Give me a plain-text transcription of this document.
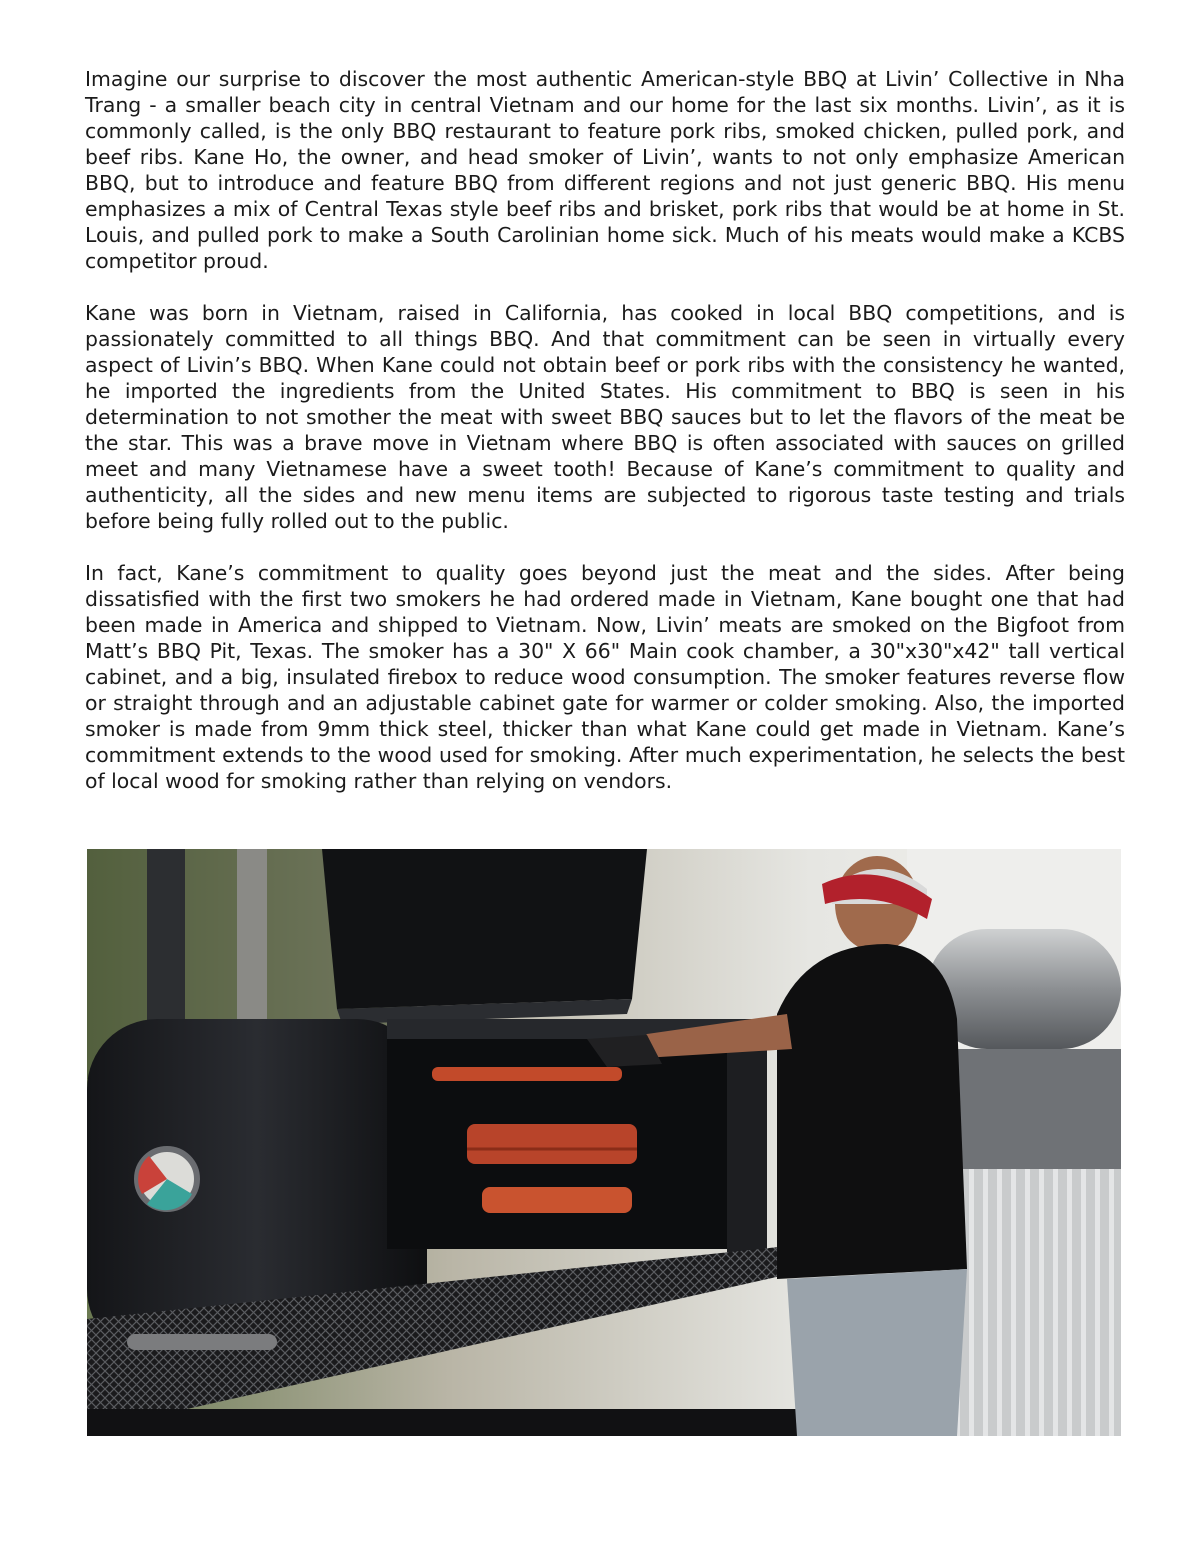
Imagine our surprise to discover the most authentic American-style BBQ at Livin’ Collective in Nha Trang - a smaller beach city in central Vietnam and our home for the last six months. Livin’, as it is commonly called, is the only BBQ restaurant to feature pork ribs, smoked chicken, pulled pork, and beef ribs. Kane Ho, the owner, and head smoker of Livin’, wants to not only emphasize American BBQ, but to introduce and feature BBQ from different regions and not just generic BBQ. His menu emphasizes a mix of Central Texas style beef ribs and brisket, pork ribs that would be at home in St. Louis, and pulled pork to make a South Carolinian home sick. Much of his meats would make a KCBS competitor proud.

Kane was born in Vietnam, raised in California, has cooked in local BBQ competitions, and is passionately committed to all things BBQ. And that commitment can be seen in virtually every aspect of Livin’s BBQ. When Kane could not obtain beef or pork ribs with the consistency he wanted, he imported the ingredients from the United States. His commitment to BBQ is seen in his determination to not smother the meat with sweet BBQ sauces but to let the flavors of the meat be the star. This was a brave move in Vietnam where BBQ is often associated with sauces on grilled meet and many Vietnamese have a sweet tooth! Because of Kane’s commitment to quality and authenticity, all the sides and new menu items are subjected to rigorous taste testing and trials before being fully rolled out to the public.

In fact, Kane’s commitment to quality goes beyond just the meat and the sides. After being dissatisfied with the first two smokers he had ordered made in Vietnam, Kane bought one that had been made in America and shipped to Vietnam. Now, Livin’ meats are smoked on the Bigfoot from Matt’s BBQ Pit, Texas. The smoker has a 30" X 66" Main cook chamber, a 30"x30"x42" tall vertical cabinet, and a big, insulated firebox to reduce wood consumption. The smoker features reverse flow or straight through and an adjustable cabinet gate for warmer or colder smoking. Also, the imported smoker is made from 9mm thick steel, thicker than what Kane could get made in Vietnam. Kane’s commitment extends to the wood used for smoking. After much experimentation, he selects the best of local wood for smoking rather than relying on vendors.
